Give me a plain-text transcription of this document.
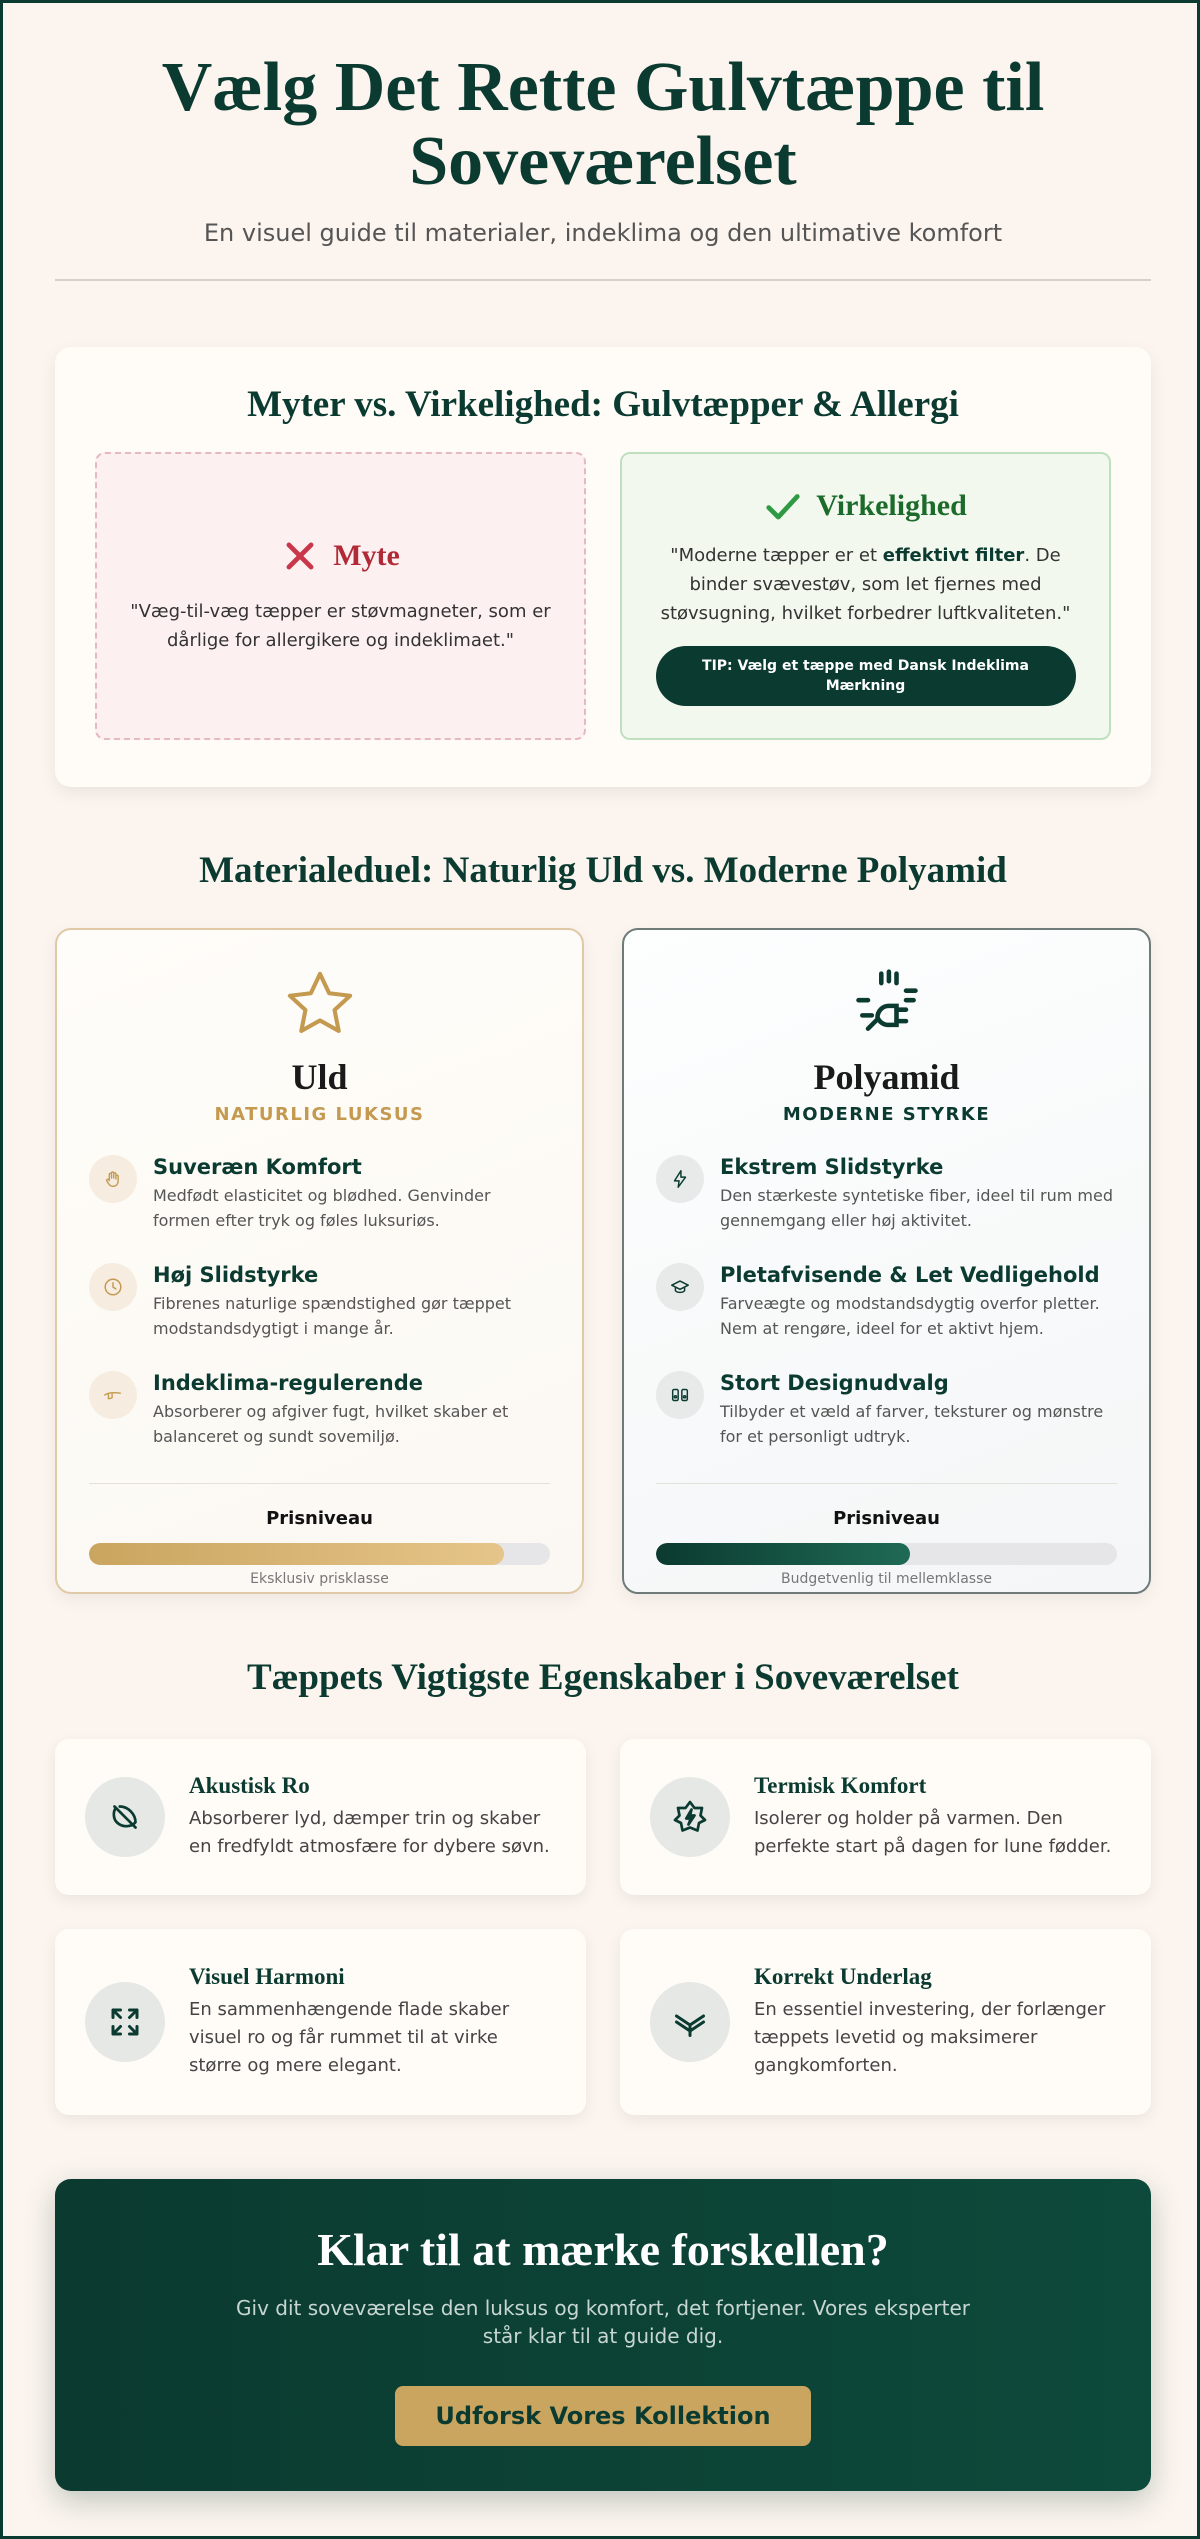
Vælg Det Rette Gulvtæppe til Soveværelset

En visuel guide til materialer, indeklima og den ultimative komfort

Myter vs. Virkelighed: Gulvtæpper & Allergi
Myte

"Væg-til-væg tæpper er støvmagneter, som er dårlige for allergikere og indeklimaet."

Virkelighed

"Moderne tæpper er et effektivt filter. De binder svævestøv, som let fjernes med støvsugning, hvilket forbedrer luftkvaliteten."

TIP: Vælg et tæppe med Dansk Indeklima Mærkning
Materialeduel: Naturlig Uld vs. Moderne Polyamid
Uld
NATURLIG LUKSUS
Suveræn Komfort
Medfødt elasticitet og blødhed. Genvinder formen efter tryk og føles luksuriøs.
Høj Slidstyrke
Fibrenes naturlige spændstighed gør tæppet modstandsdygtigt i mange år.
Indeklima-regulerende
Absorberer og afgiver fugt, hvilket skaber et balanceret og sundt sovemiljø.
Prisniveau
Eksklusiv prisklasse
Polyamid
MODERNE STYRKE
Ekstrem Slidstyrke
Den stærkeste syntetiske fiber, ideel til rum med gennemgang eller høj aktivitet.
Pletafvisende & Let Vedligehold
Farveægte og modstandsdygtig overfor pletter. Nem at rengøre, ideel for et aktivt hjem.
Stort Designudvalg
Tilbyder et væld af farver, teksturer og mønstre for et personligt udtryk.
Prisniveau
Budgetvenlig til mellemklasse
Tæppets Vigtigste Egenskaber i Soveværelset
Akustisk Ro
Absorberer lyd, dæmper trin og skaber en fredfyldt atmosfære for dybere søvn.
Termisk Komfort
Isolerer og holder på varmen. Den perfekte start på dagen for lune fødder.
Visuel Harmoni
En sammenhængende flade skaber visuel ro og får rummet til at virke større og mere elegant.
Korrekt Underlag
En essentiel investering, der forlænger tæppets levetid og maksimerer gangkomforten.
Klar til at mærke forskellen?

Giv dit soveværelse den luksus og komfort, det fortjener. Vores eksperter står klar til at guide dig.

Udforsk Vores Kollektion
